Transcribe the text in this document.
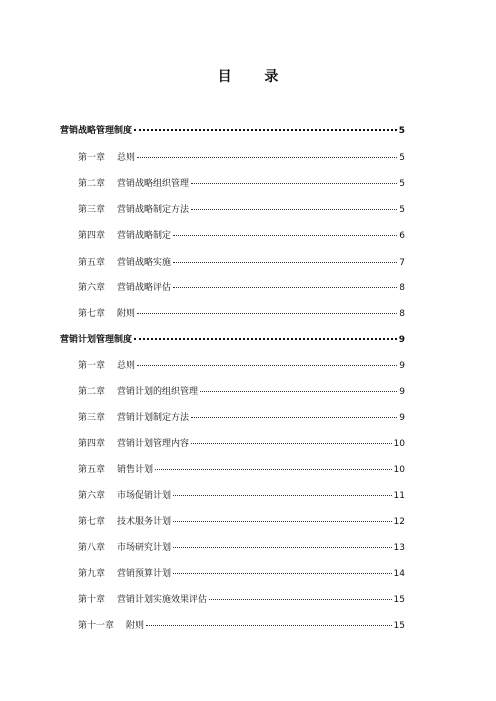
目 录
营销战略管理制度	5
第一章 总则	5
第二章 营销战略组织管理	5
第三章 营销战略制定方法	5
第四章 营销战略制定	6
第五章 营销战略实施	7
第六章 营销战略评估	8
第七章 附则	8
营销计划管理制度	9
第一章 总则	9
第二章 营销计划的组织管理	9
第三章 营销计划制定方法	9
第四章 营销计划管理内容	10
第五章 销售计划	10
第六章 市场促销计划	11
第七章 技术服务计划	12
第八章 市场研究计划	13
第九章 营销预算计划	14
第十章 营销计划实施效果评估	15
第十一章 附则	15
